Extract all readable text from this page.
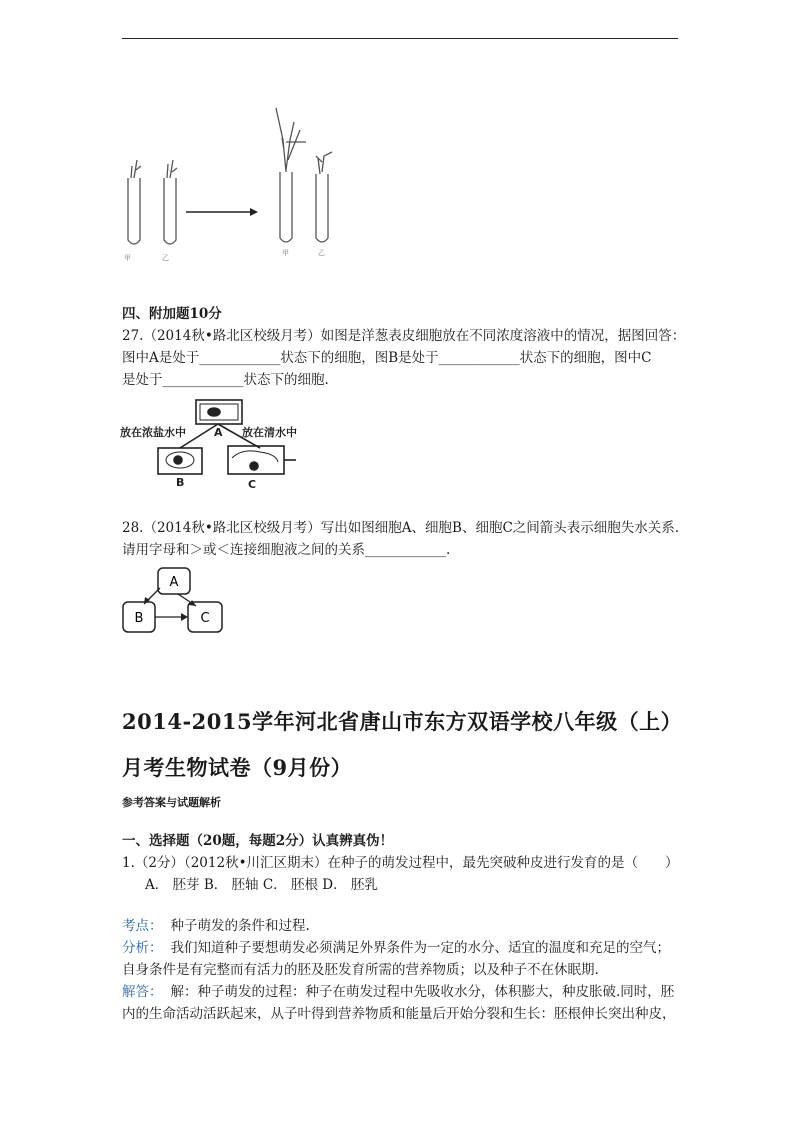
甲	乙
甲	乙
四、附加题10分
27.（2014秋•路北区校级月考）如图是洋葱表皮细胞放在不同浓度溶液中的情况，据图回答：
图中A是处于____________状态下的细胞，图B是处于____________状态下的细胞，图中C
是处于____________状态下的细胞.
放在浓盐水中	放在清水中
A
B	C
28.（2014秋•路北区校级月考）写出如图细胞A、细胞B、细胞C之间箭头表示细胞失水关系.
请用字母和＞或＜连接细胞液之间的关系____________.
A
B	C
2014-2015学年河北省唐山市东方双语学校八年级（上）
月考生物试卷（9月份）
参考答案与试题解析
一、选择题（20题，每题2分）认真辨真伪！
1.（2分）（2012秋•川汇区期末）在种子的萌发过程中，最先突破种皮进行发育的是（　　）
A． 胚芽 B． 胚轴 C． 胚根 D． 胚乳
考点： 种子萌发的条件和过程.
分析： 我们知道种子要想萌发必须满足外界条件为一定的水分、适宜的温度和充足的空气；
自身条件是有完整而有活力的胚及胚发育所需的营养物质；以及种子不在休眠期.
解答： 解：种子萌发的过程：种子在萌发过程中先吸收水分，体积膨大，种皮胀破.同时，胚
内的生命活动活跃起来，从子叶得到营养物质和能量后开始分裂和生长：胚根伸长突出种皮，
